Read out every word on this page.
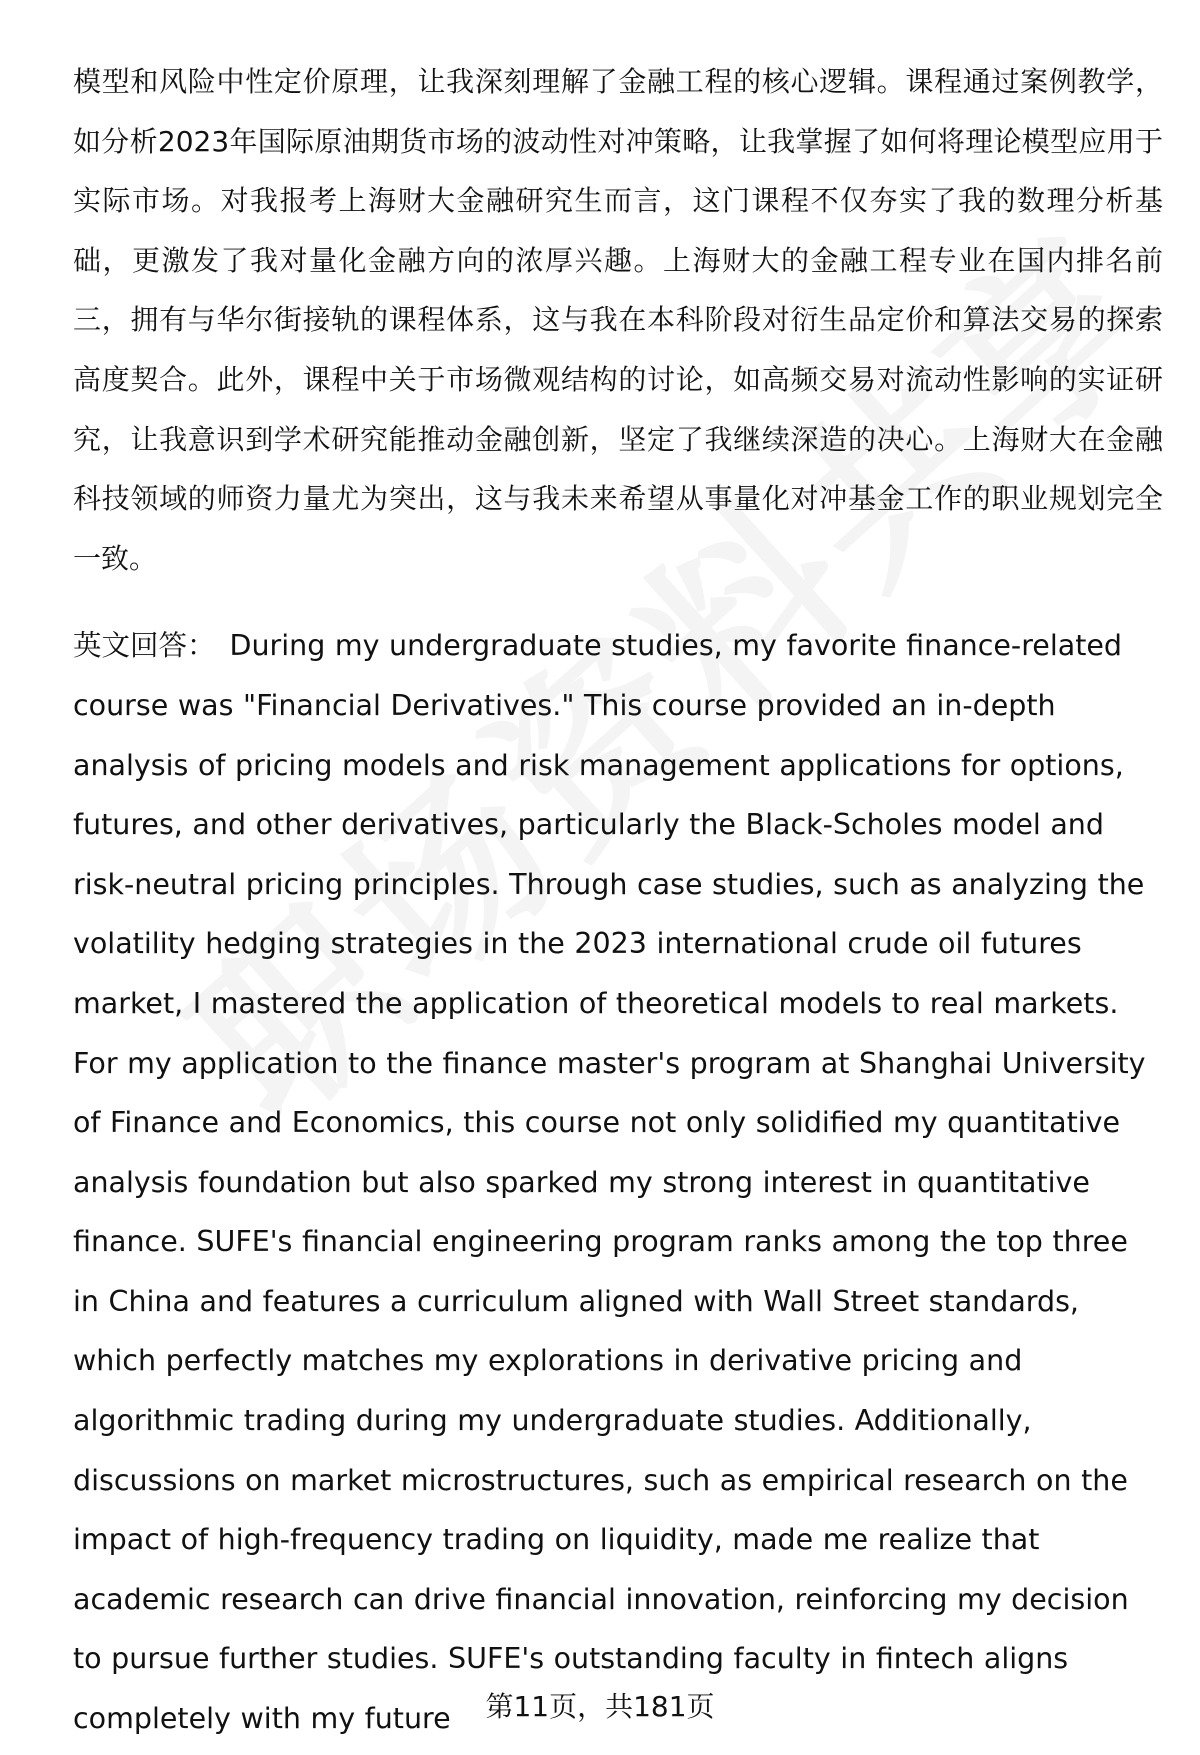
模型和风险中性定价原理，让我深刻理解了金融工程的核心逻辑。课程通过案例教学，如分析2023年国际原油期货市场的波动性对冲策略，让我掌握了如何将理论模型应用于实际市场。对我报考上海财大金融研究生而言，这门课程不仅夯实了我的数理分析基础，更激发了我对量化金融方向的浓厚兴趣。上海财大的金融工程专业在国内排名前三，拥有与华尔街接轨的课程体系，这与我在本科阶段对衍生品定价和算法交易的探索高度契合。此外，课程中关于市场微观结构的讨论，如高频交易对流动性影响的实证研究，让我意识到学术研究能推动金融创新，坚定了我继续深造的决心。上海财大在金融科技领域的师资力量尤为突出，这与我未来希望从事量化对冲基金工作的职业规划完全一致。

英文回答： During my undergraduate studies, my favorite finance-related course was "Financial Derivatives." This course provided an in-depth analysis of pricing models and risk management applications for options, futures, and other derivatives, particularly the Black-Scholes model and risk-neutral pricing principles. Through case studies, such as analyzing the volatility hedging strategies in the 2023 international crude oil futures market, I mastered the application of theoretical models to real markets. For my application to the finance master's program at Shanghai University of Finance and Economics, this course not only solidified my quantitative analysis foundation but also sparked my strong interest in quantitative finance. SUFE's financial engineering program ranks among the top three in China and features a curriculum aligned with Wall Street standards, which perfectly matches my explorations in derivative pricing and algorithmic trading during my undergraduate studies. Additionally, discussions on market microstructures, such as empirical research on the impact of high-frequency trading on liquidity, made me realize that academic research can drive financial innovation, reinforcing my decision to pursue further studies. SUFE's outstanding faculty in fintech aligns completely with my future	第11页，共181页
